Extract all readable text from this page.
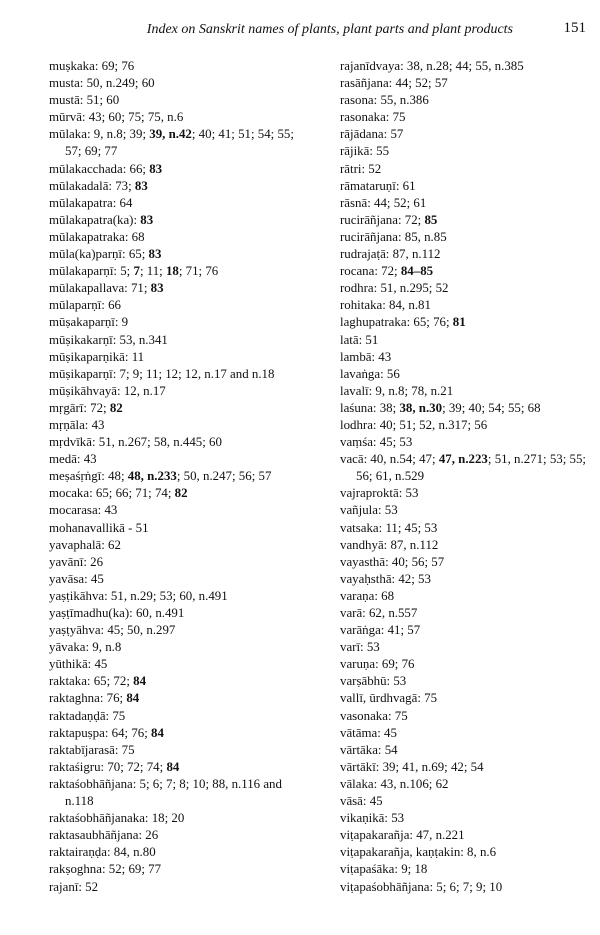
Index on Sanskrit names of plants, plant parts and plant products	151
muṣkaka: 69; 76
musta: 50, n.249; 60
mustā: 51; 60
mūrvā: 43; 60; 75; 75, n.6
mūlaka: 9, n.8; 39; 39, n.42; 40; 41; 51; 54; 55; 57; 69; 77
mūlakacchada: 66; 83
mūlakadalā: 73; 83
mūlakapatra: 64
mūlakapatra(ka): 83
mūlakapatraka: 68
mūla(ka)parṇī: 65; 83
mūlakaparṇī: 5; 7; 11; 18; 71; 76
mūlakapallava: 71; 83
mūlaparṇī: 66
mūṣakaparṇī: 9
mūṣikakarṇī: 53, n.341
mūṣikaparṇikā: 11
mūṣikaparṇī: 7; 9; 11; 12; 12, n.17 and n.18
mūṣikāhvayā: 12, n.17
mṛgārī: 72; 82
mṛṇāla: 43
mṛdvīkā: 51, n.267; 58, n.445; 60
medā: 43
meṣaśṛṅgī: 48; 48, n.233; 50, n.247; 56; 57
mocaka: 65; 66; 71; 74; 82
mocarasa: 43
mohanavallikā - 51
yavaphalā: 62
yavānī: 26
yavāsa: 45
yaṣṭikāhva: 51, n.29; 53; 60, n.491
yaṣṭīmadhu(ka): 60, n.491
yaṣṭyāhva: 45; 50, n.297
yāvaka: 9, n.8
yūthikā: 45
raktaka: 65; 72; 84
raktaghna: 76; 84
raktadaṇḍā: 75
raktapuṣpa: 64; 76; 84
raktabījarasā: 75
raktaśigru: 70; 72; 74; 84
raktaśobhāñjana: 5; 6; 7; 8; 10; 88, n.116 and n.118
raktaśobhāñjanaka: 18; 20
raktasaubhāñjana: 26
raktairaṇḍa: 84, n.80
rakṣoghna: 52; 69; 77
rajanī: 52
rajanīdvaya: 38, n.28; 44; 55, n.385
rasāñjana: 44; 52; 57
rasona: 55, n.386
rasonaka: 75
rājādana: 57
rājikā: 55
rātri: 52
rāmataruṇī: 61
rāsnā: 44; 52; 61
rucirāñjana: 72; 85
rucirāñjana: 85, n.85
rudrajaṭā: 87, n.112
rocana: 72; 84–85
rodhra: 51, n.295; 52
rohitaka: 84, n.81
laghupatraka: 65; 76; 81
latā: 51
lambā: 43
lavaṅga: 56
lavalī: 9, n.8; 78, n.21
laśuna: 38; 38, n.30; 39; 40; 54; 55; 68
lodhra: 40; 51; 52, n.317; 56
vaṃśa: 45; 53
vacā: 40, n.54; 47; 47, n.223; 51, n.271; 53; 55; 56; 61, n.529
vajraproktā: 53
vañjula: 53
vatsaka: 11; 45; 53
vandhyā: 87, n.112
vayasthā: 40; 56; 57
vayaḥsthā: 42; 53
varaṇa: 68
varā: 62, n.557
varāṅga: 41; 57
varī: 53
varuṇa: 69; 76
varṣābhū: 53
vallī, ūrdhvagā: 75
vasonaka: 75
vātāma: 45
vārtāka: 54
vārtākī: 39; 41, n.69; 42; 54
vālaka: 43, n.106; 62
vāsā: 45
vikaṇikā: 53
viṭapakarañja: 47, n.221
viṭapakarañja, kaṇṭakin: 8, n.6
viṭapaśāka: 9; 18
viṭapaśobhāñjana: 5; 6; 7; 9; 10
